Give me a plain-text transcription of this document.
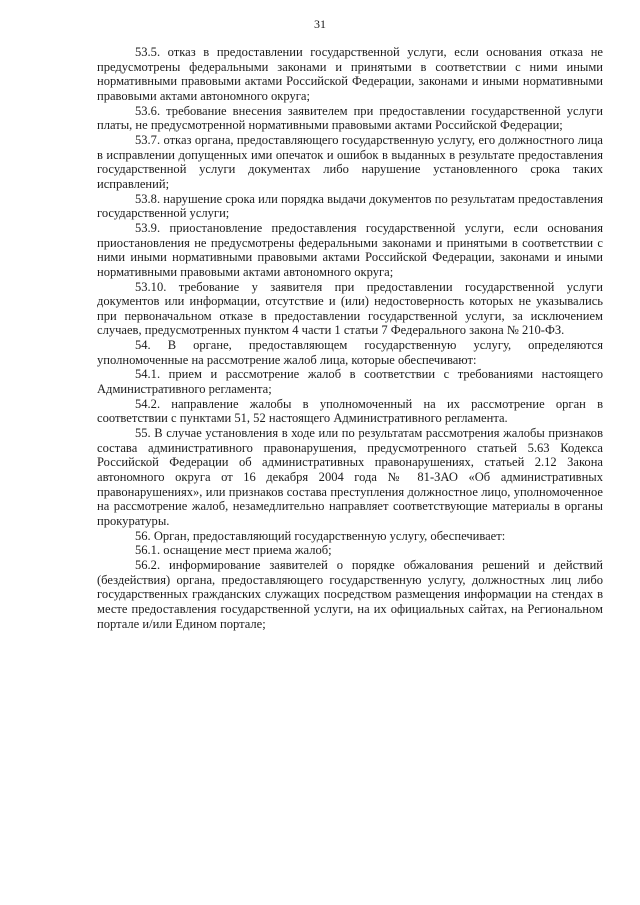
31

53.5. отказ в предоставлении государственной услуги, если основания отказа не предусмотрены федеральными законами и принятыми в соответствии с ними иными нормативными правовыми актами Российской Федерации, законами и иными нормативными правовыми актами автономного округа;

53.6. требование внесения заявителем при предоставлении государственной услуги платы, не предусмотренной нормативными правовыми актами Российской Федерации;

53.7. отказ органа, предоставляющего государственную услугу, его должностного лица в исправлении допущенных ими опечаток и ошибок в выданных в результате предоставления государственной услуги документах либо нарушение установленного срока таких исправлений;

53.8. нарушение срока или порядка выдачи документов по результатам предоставления государственной услуги;

53.9. приостановление предоставления государственной услуги, если основания приостановления не предусмотрены федеральными законами и принятыми в соответствии с ними иными нормативными правовыми актами Российской Федерации, законами и иными нормативными правовыми актами автономного округа;

53.10. требование у заявителя при предоставлении государственной услуги документов или информации, отсутствие и (или) недостоверность которых не указывались при первоначальном отказе в предоставлении государственной услуги, за исключением случаев, предусмотренных пунктом 4 части 1 статьи 7 Федерального закона № 210-ФЗ.

54. В органе, предоставляющем государственную услугу, определяются уполномоченные на рассмотрение жалоб лица, которые обеспечивают:

54.1. прием и рассмотрение жалоб в соответствии с требованиями настоящего Административного регламента;

54.2. направление жалобы в уполномоченный на их рассмотрение орган в соответствии с пунктами 51, 52 настоящего Административного регламента.

55. В случае установления в ходе или по результатам рассмотрения жалобы признаков состава административного правонарушения, предусмотренного статьей 5.63 Кодекса Российской Федерации об административных правонарушениях, статьей 2.12 Закона автономного округа от 16 декабря 2004 года № 81-ЗАО «Об административных правонарушениях», или признаков состава преступления должностное лицо, уполномоченное на рассмотрение жалоб, незамедлительно направляет соответствующие материалы в органы прокуратуры.

56. Орган, предоставляющий государственную услугу, обеспечивает:

56.1. оснащение мест приема жалоб;

56.2. информирование заявителей о порядке обжалования решений и действий (бездействия) органа, предоставляющего государственную услугу, должностных лиц либо государственных гражданских служащих посредством размещения информации на стендах в месте предоставления государственной услуги, на их официальных сайтах, на Региональном портале и/или Едином портале;
